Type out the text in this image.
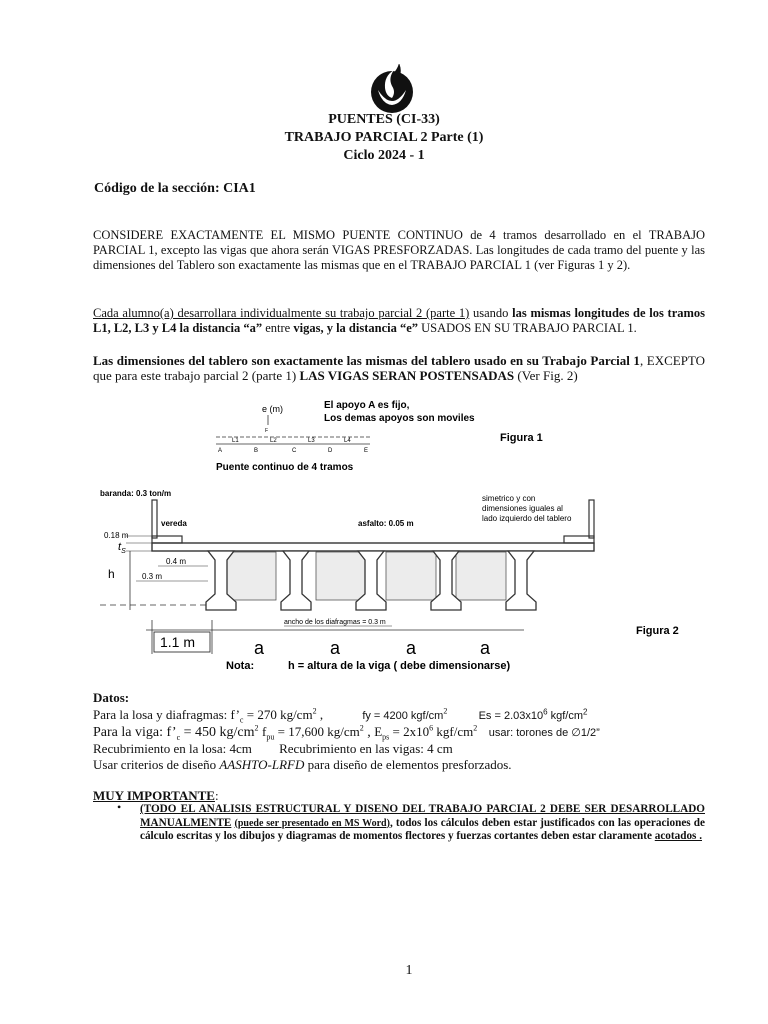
PUENTES (CI-33)
TRABAJO PARCIAL 2 Parte (1)
Ciclo 2024 - 1
Código de la sección: CIA1
CONSIDERE EXACTAMENTE EL MISMO PUENTE CONTINUO de 4 tramos desarrollado en el TRABAJO PARCIAL 1, excepto las vigas que ahora serán VIGAS PRESFORZADAS. Las longitudes de cada tramo del puente y las dimensiones del Tablero son exactamente las mismas que en el TRABAJO PARCIAL 1 (ver Figuras 1 y 2).
Cada alumno(a) desarrollara individualmente su trabajo parcial 2 (parte 1) usando las mismas longitudes de los tramos L1, L2, L3 y L4 la distancia “a” entre vigas, y la distancia “e” USADOS EN SU TRABAJO PARCIAL 1.
Las dimensiones del tablero son exactamente las mismas del tablero usado en su Trabajo Parcial 1, EXCEPTO que para este trabajo parcial 2 (parte 1) LAS VIGAS SERAN POSTENSADAS (Ver Fig. 2)
e (m)
F
El apoyo A es fijo,
Los demas apoyos son moviles
L1	L2	L3	L4
A	B	C	D	E
Puente continuo de 4 tramos
Figura 1
baranda: 0.3 ton/m
vereda	asfalto: 0.05 m
simetrico y con
dimensiones iguales al
lado izquierdo del tablero
Figura 2
0.18 m
$t_S$
h
0.4 m
0.3 m
ancho de los diafragmas = 0.3 m
1.1 m	a	a	a	a
Nota:	h = altura de la viga ( debe dimensionarse)
Datos:
Para la losa y diafragmas: $f’_c = 270$ $kg/cm^2$ ,	fy = 4200 kgf/$cm^2$	$Es = 2.03x10^6$ kgf/$cm^2$
Para la viga: $f’_c = 450$ $kg/cm^2$ $f_{pu} = 17,600$ $kg/cm^2$ , $E_{ps} = 2x10^6$ kgf/$cm^2$ usar: torones de ∅1/2”
Recubrimiento en la losa: 4cm Recubrimiento en las vigas: 4 cm
Usar criterios de diseño AASHTO-LRFD para diseño de elementos presforzados.
MUY IMPORTANTE:
• (TODO EL ANALISIS ESTRUCTURAL Y DISENO DEL TRABAJO PARCIAL 2 DEBE SER DESARROLLADO MANUALMENTE (puede ser presentado en MS Word), todos los cálculos deben estar justificados con las operaciones de cálculo escritas y los dibujos y diagramas de momentos flectores y fuerzas cortantes deben estar claramente acotados .
1
